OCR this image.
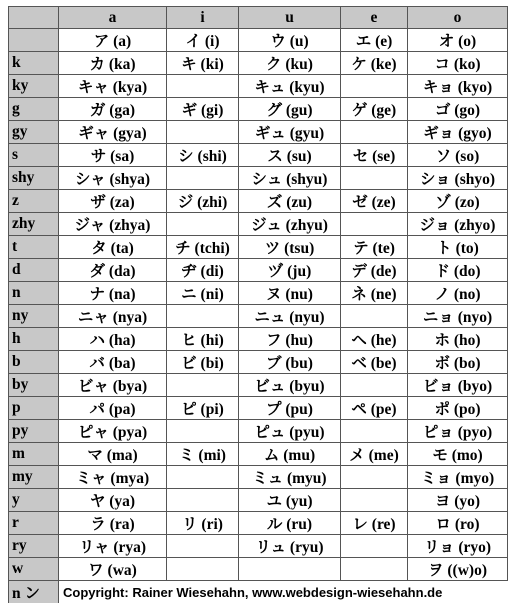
	a	i	u	e	o
	ア (a)	イ (i)	ウ (u)	エ (e)	オ (o)
k	カ (ka)	キ (ki)	ク (ku)	ケ (ke)	コ (ko)
ky	キャ (kya)		キュ (kyu)		キョ (kyo)
g	ガ (ga)	ギ (gi)	グ (gu)	ゲ (ge)	ゴ (go)
gy	ギャ (gya)		ギュ (gyu)		ギョ (gyo)
s	サ (sa)	シ (shi)	ス (su)	セ (se)	ソ (so)
shy	シャ (shya)		シュ (shyu)		ショ (shyo)
z	ザ (za)	ジ (zhi)	ズ (zu)	ゼ (ze)	ゾ (zo)
zhy	ジャ (zhya)		ジュ (zhyu)		ジョ (zhyo)
t	タ (ta)	チ (tchi)	ツ (tsu)	テ (te)	ト (to)
d	ダ (da)	ヂ (di)	ヅ (ju)	デ (de)	ド (do)
n	ナ (na)	ニ (ni)	ヌ (nu)	ネ (ne)	ノ (no)
ny	ニャ (nya)		ニュ (nyu)		ニョ (nyo)
h	ハ (ha)	ヒ (hi)	フ (hu)	ヘ (he)	ホ (ho)
b	バ (ba)	ビ (bi)	ブ (bu)	ベ (be)	ボ (bo)
by	ビャ (bya)		ビュ (byu)		ビョ (byo)
p	パ (pa)	ピ (pi)	プ (pu)	ペ (pe)	ポ (po)
py	ピャ (pya)		ピュ (pyu)		ピョ (pyo)
m	マ (ma)	ミ (mi)	ム (mu)	メ (me)	モ (mo)
my	ミャ (mya)		ミュ (myu)		ミョ (myo)
y	ヤ (ya)		ユ (yu)		ヨ (yo)
r	ラ (ra)	リ (ri)	ル (ru)	レ (re)	ロ (ro)
ry	リャ (rya)		リュ (ryu)		リョ (ryo)
w	ワ (wa)				ヲ ((w)o)
n ン	Copyright: Rainer Wiesehahn, www.webdesign-wiesehahn.de				
